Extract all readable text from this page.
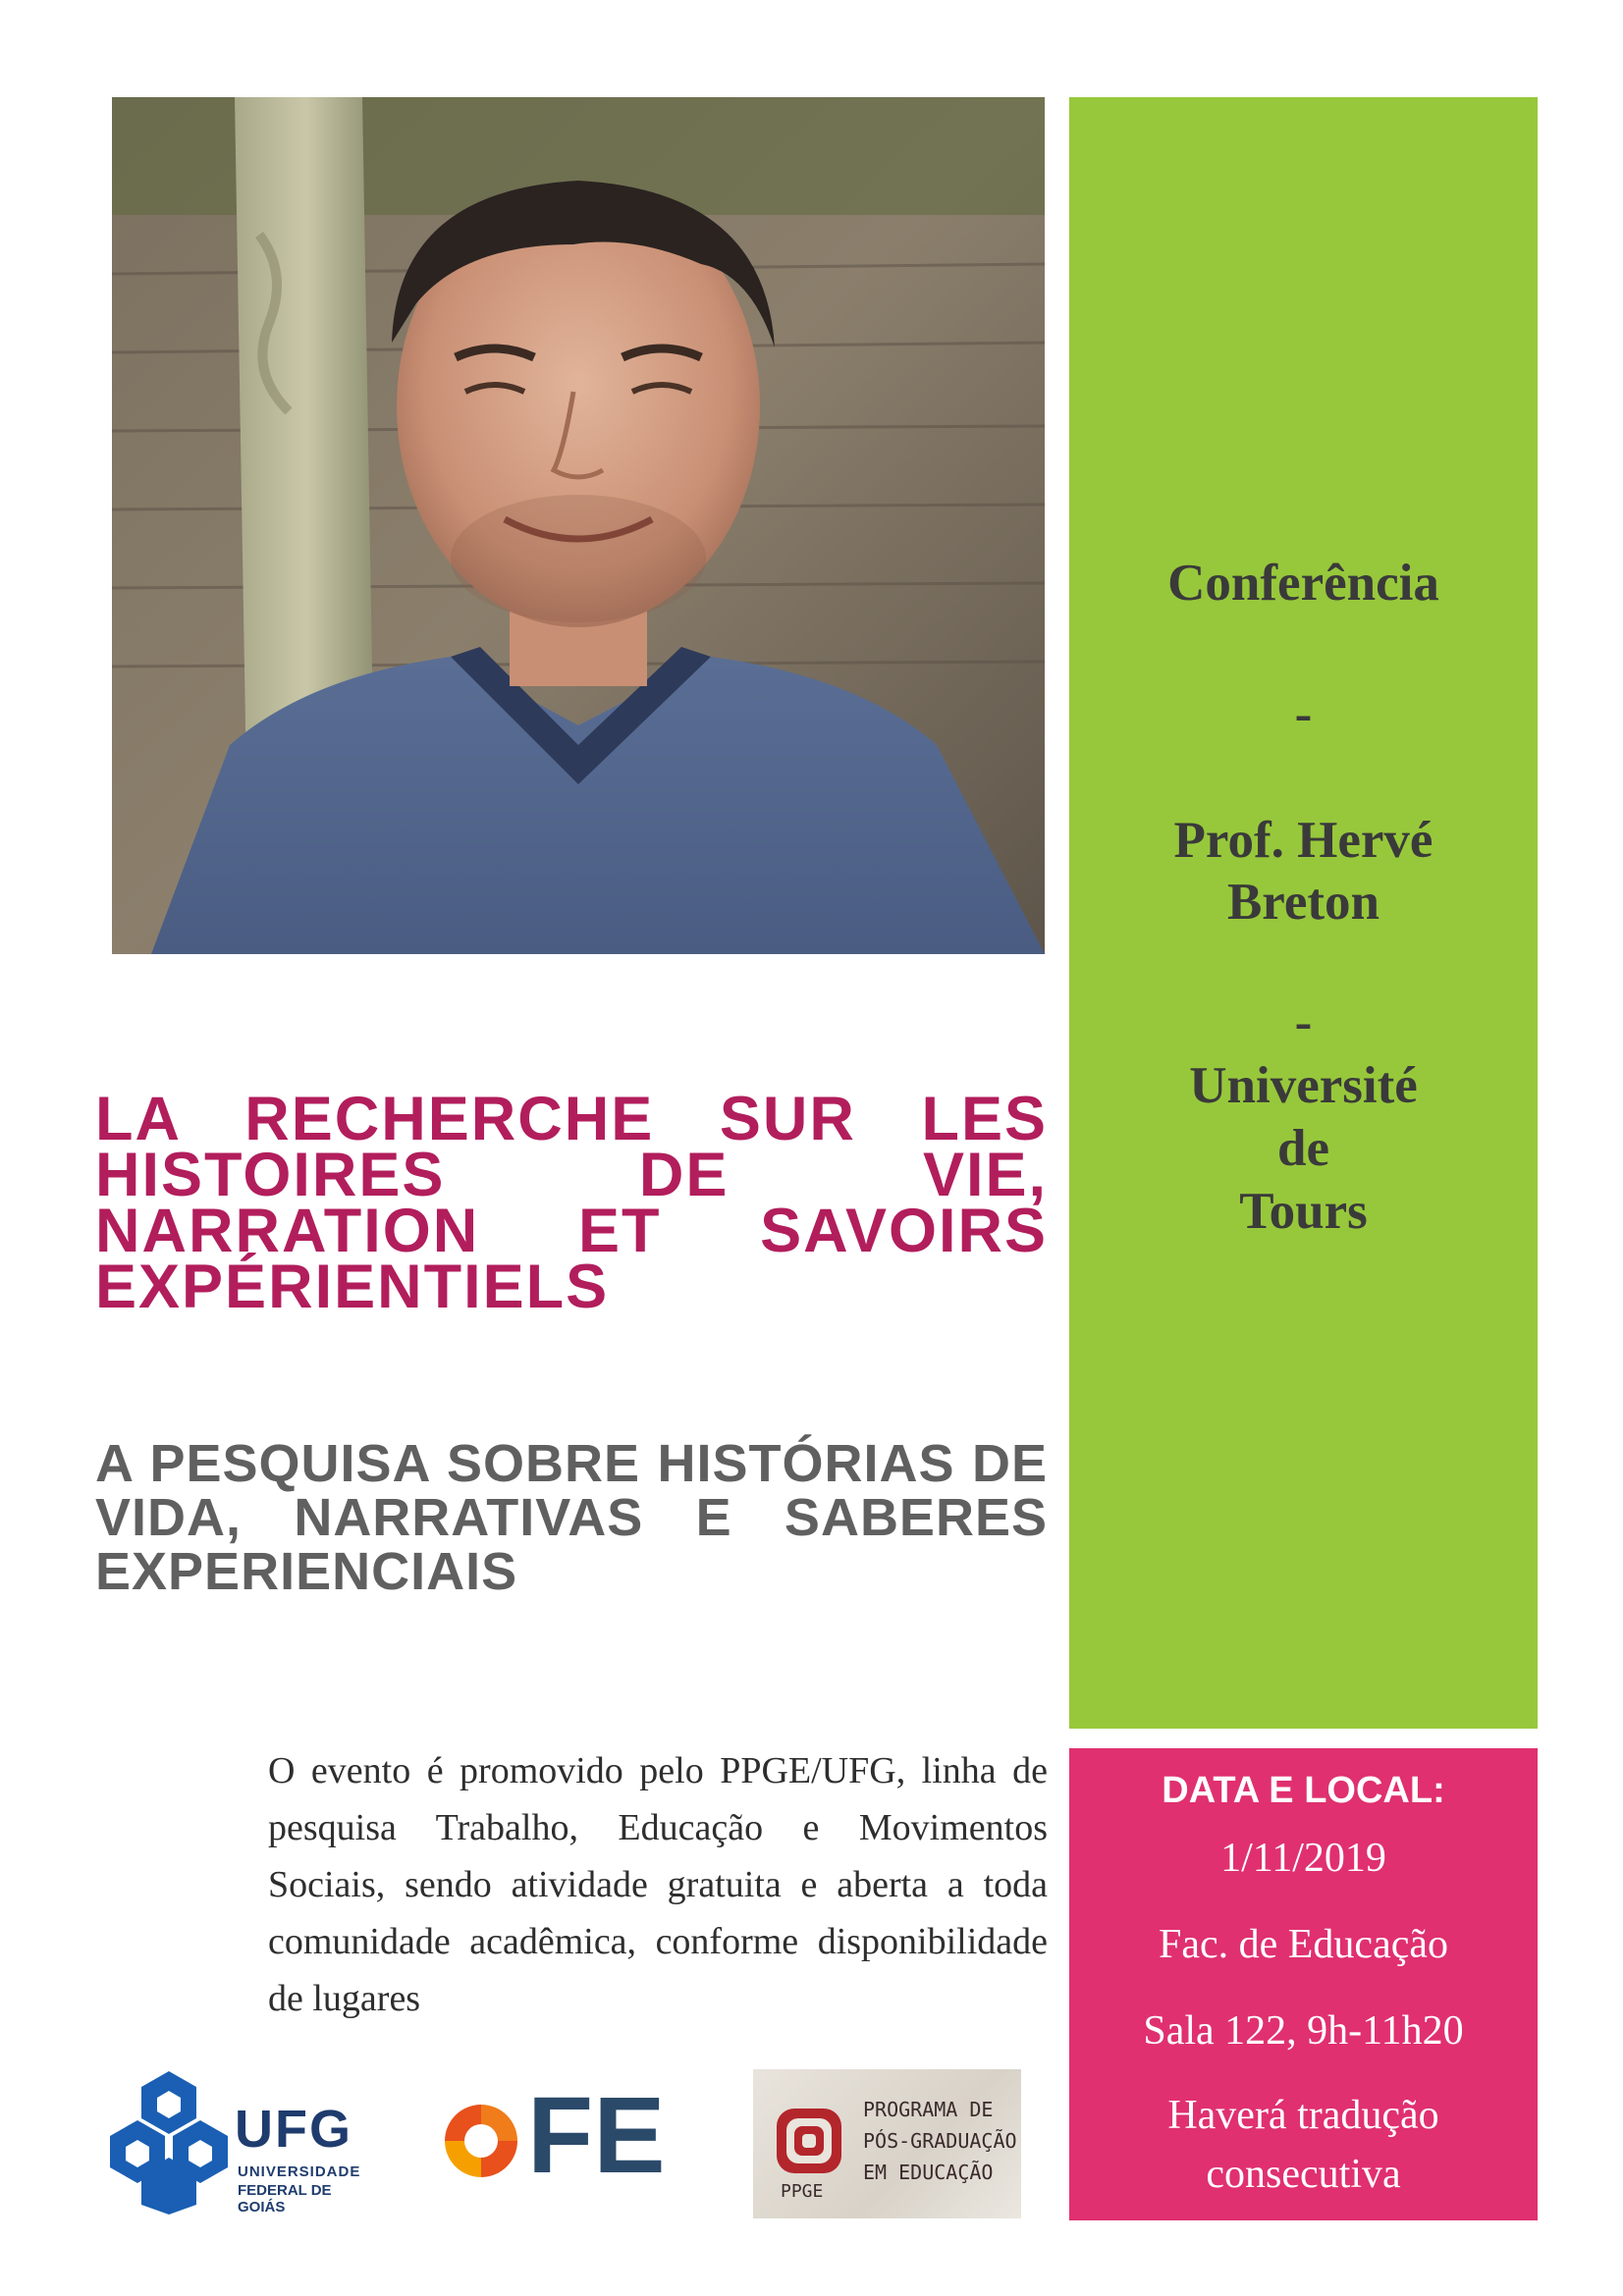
Conferência
-
Prof. Hervé
Breton
-
Université
de
Tours
DATA E LOCAL:
1/11/2019
Fac. de Educação
Sala 122, 9h-11h20
Haverá tradução
consecutiva
LA RECHERCHE SUR LES HISTOIRES DE VIE, NARRATION ET SAVOIRS EXPÉRIENTIELS
A PESQUISA SOBRE HISTÓRIAS DE VIDA, NARRATIVAS E SABERES EXPERIENCIAIS
O evento é promovido pelo PPGE/UFG, linha de pesquisa Trabalho, Educação e Movimentos Sociais, sendo atividade gratuita e aberta a toda comunidade acadêmica, conforme disponibilidade de lugares
UFG
UNIVERSIDADE
FEDERAL DE GOIÁS
FE	PROGRAMA DE
PÓS-GRADUAÇÃO
EM EDUCAÇÃO
PPGE
